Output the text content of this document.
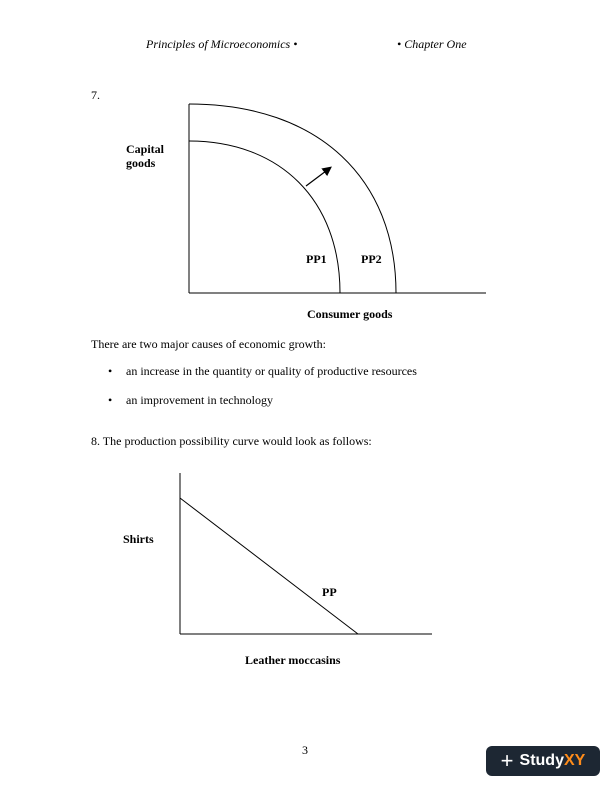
Principles of Microeconomics •	• Chapter One
7.
Capital
goods
PP1	PP2
Consumer goods
There are two major causes of economic growth:
• an increase in the quantity or quality of productive resources
• an improvement in technology
8. The production possibility curve would look as follows:
Shirts
PP
Leather moccasins
3	+ StudyXY
